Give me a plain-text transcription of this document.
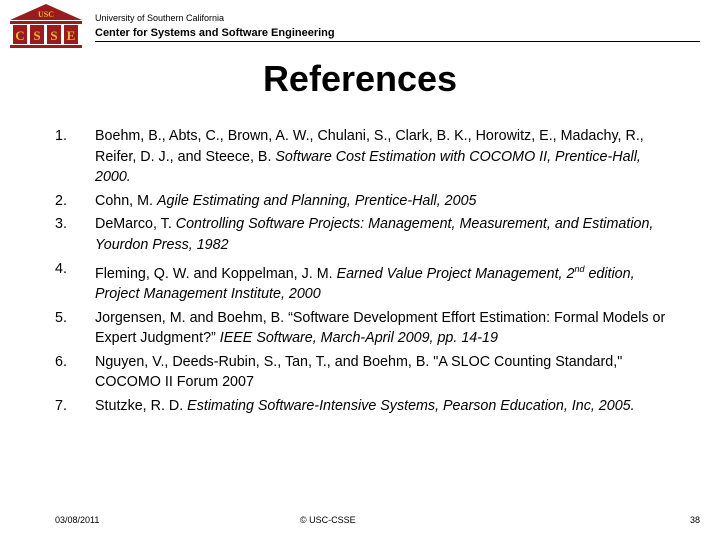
USC
C S S E
University of Southern California
Center for Systems and Software Engineering
References
1. Boehm, B., Abts, C., Brown, A. W., Chulani, S., Clark, B. K., Horowitz, E., Madachy, R., Reifer, D. J., and Steece, B. Software Cost Estimation with COCOMO II, Prentice-Hall, 2000.
2. Cohn, M. Agile Estimating and Planning, Prentice-Hall, 2005
3. DeMarco, T. Controlling Software Projects: Management, Measurement, and Estimation, Yourdon Press, 1982
4. Fleming, Q. W. and Koppelman, J. M. Earned Value Project Management, 2nd edition, Project Management Institute, 2000
5. Jorgensen, M. and Boehm, B. “Software Development Effort Estimation: Formal Models or Expert Judgment?” IEEE Software, March-April 2009, pp. 14-19
6. Nguyen, V., Deeds-Rubin, S., Tan, T., and Boehm, B. "A SLOC Counting Standard," COCOMO II Forum 2007
7. Stutzke, R. D. Estimating Software-Intensive Systems, Pearson Education, Inc, 2005.
03/08/2011	© USC-CSSE	38
